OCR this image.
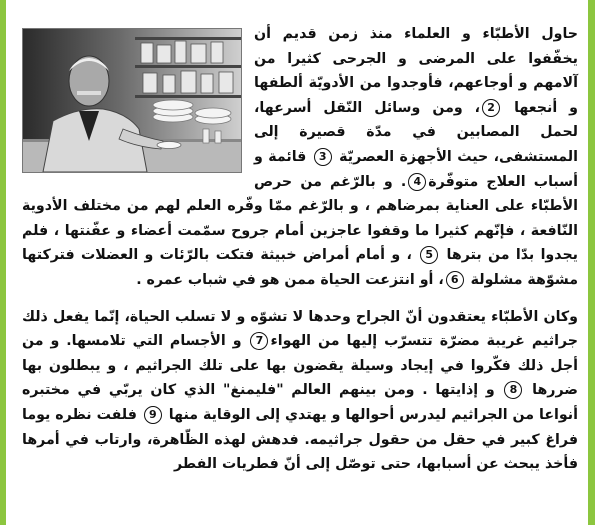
حاول الأطبّاء و العلماء منذ زمن قديم أن يخفّفوا على المرضى و الجرحى كثيرا من آلامهم و أوجاعهم، فأوجدوا من الأدويّة ألطفها و أنجعها 2، ومن وسائل النّقل أسرعها، لحمل المصابين في مدّة قصيرة إلى المستشفى، حيث الأجهزة العصريّة 3 قائمة و أسباب العلاج متوفّرة4. و بالرّغم من حرص الأطبّاء على العناية بمرضاهم ، و بالرّغم ممّا وفّره العلم لهم من مختلف الأدوية النّافعة ، فإنّهم كثيرا ما وقفوا عاجزين أمام جروح سمّمت أعضاء و عفّنتها ، فلم يجدوا بدّا من بترها 5 ، و أمام أمراض خبيثة فتكت بالرّئات و العضلات فتركتها مشوّهة مشلولة 6، أو انتزعت الحياة ممن هو في شباب عمره .

وكان الأطبّاء يعتقدون أنّ الجراح وحدها لا تشوّه و لا تسلب الحياة، إنّما يفعل ذلك جراثيم غريبة مضرّة تتسرّب إليها من الهواء7 و الأجسام التي تلامسها. و من أجل ذلك فكّروا في إيجاد وسيلة يقضون بها على تلك الجراثيم ، و يبطلون بها ضررها 8 و إذايتها . ومن بينهم العالم "فليمنغ" الذي كان يربّي في مختبره أنواعا من الجراثيم ليدرس أحوالها و يهتدي إلى الوقاية منها 9 فلفت نظره يوما فراغ كبير في حقل من حقول جراثيمه. فدهش لهذه الظّاهرة، وارتاب في أمرها فأخذ يبحث عن أسبابها، حتى توصّل إلى أنّ فطريات الفطر
